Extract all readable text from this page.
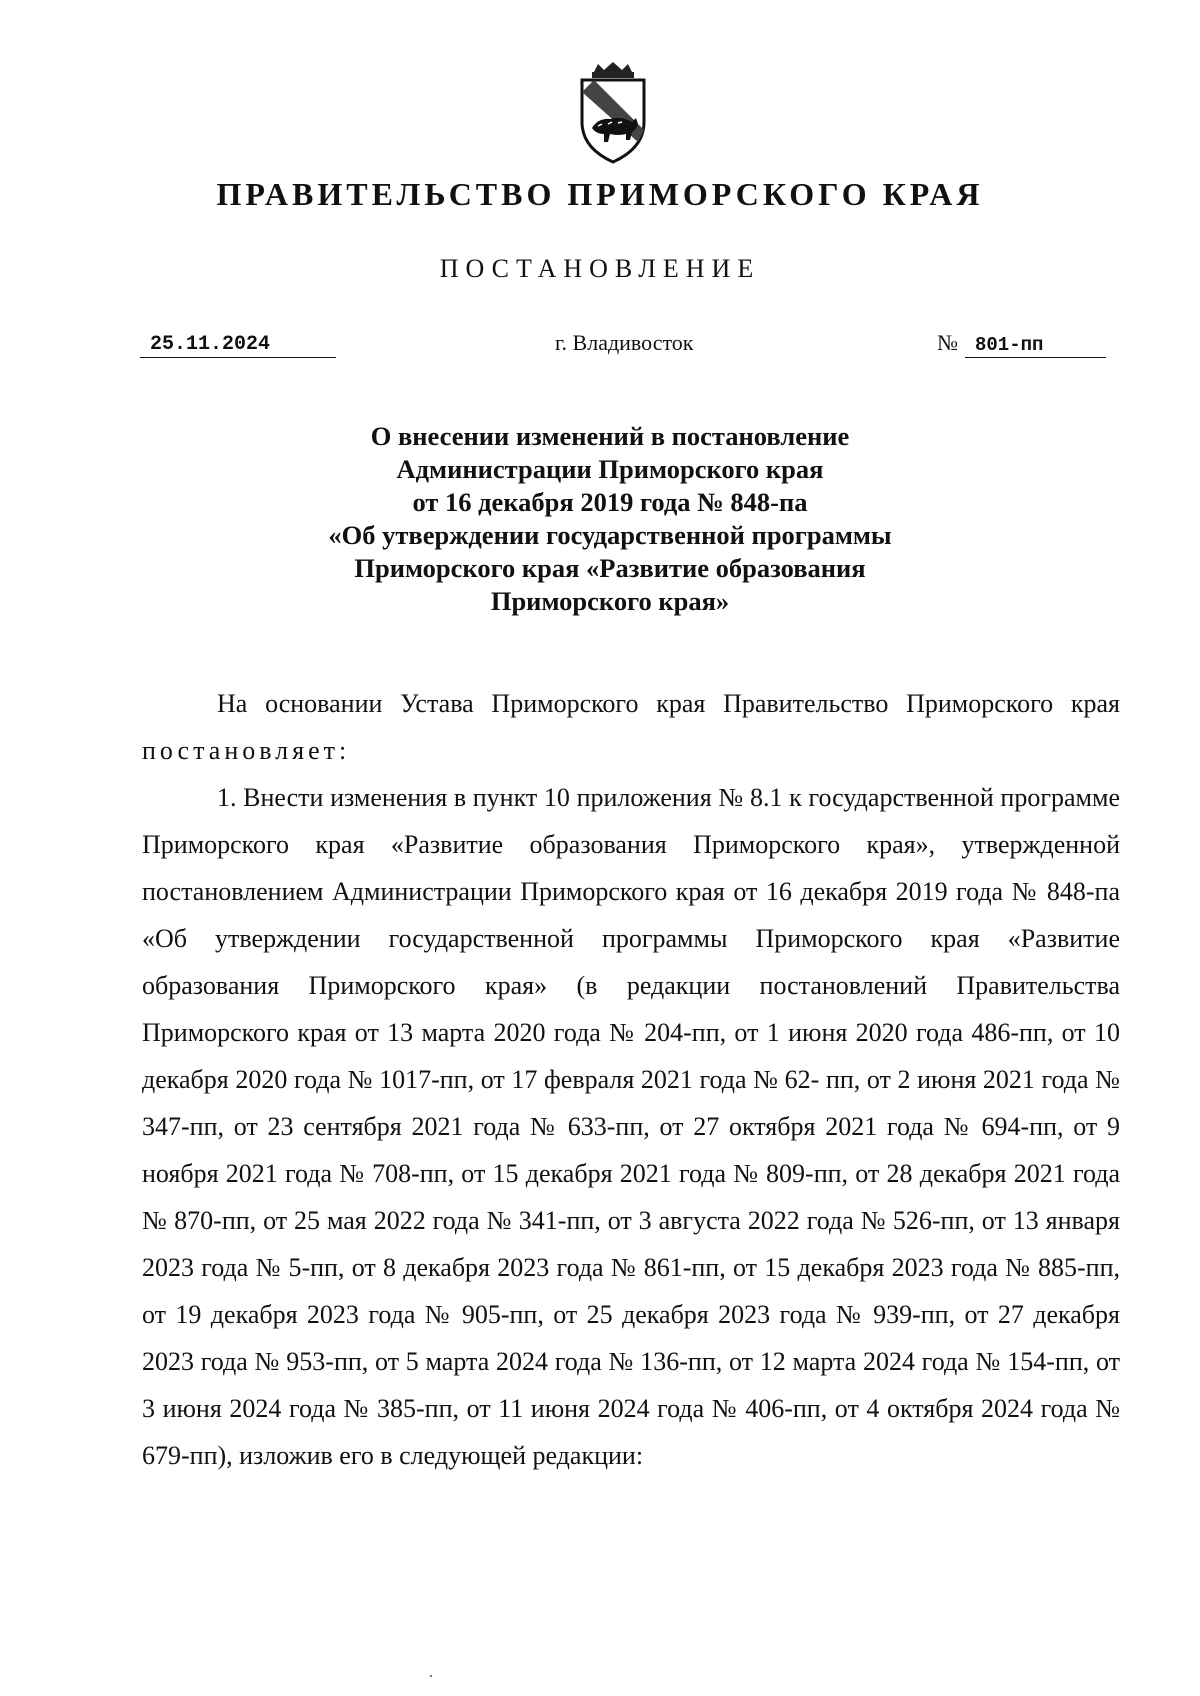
ПРАВИТЕЛЬСТВО ПРИМОРСКОГО КРАЯ
ПОСТАНОВЛЕНИЕ
25.11.2024	г. Владивосток	№ 801-пп
О внесении изменений в постановление
Администрации Приморского края
от 16 декабря 2019 года № 848-па
«Об утверждении государственной программы
Приморского края «Развитие образования
Приморского края»

На основании Устава Приморского края Правительство Приморского края постановляет:

1. Внести изменения в пункт 10 приложения № 8.1 к государственной программе Приморского края «Развитие образования Приморского края», утвержденной постановлением Администрации Приморского края от 16 декабря 2019 года № 848-па «Об утверждении государственной программы Приморского края «Развитие образования Приморского края» (в редакции постановлений Правительства Приморского края от 13 марта 2020 года № 204-пп, от 1 июня 2020 года 486-пп, от 10 декабря 2020 года № 1017-пп, от 17 февраля 2021 года № 62- пп, от 2 июня 2021 года № 347-пп, от 23 сентября 2021 года № 633-пп, от 27 октября 2021 года № 694-пп, от 9 ноября 2021 года № 708-пп, от 15 декабря 2021 года № 809-пп, от 28 декабря 2021 года № 870-пп, от 25 мая 2022 года № 341-пп, от 3 августа 2022 года № 526-пп, от 13 января 2023 года № 5-пп, от 8 декабря 2023 года № 861-пп, от 15 декабря 2023 года № 885-пп, от 19 декабря 2023 года № 905-пп, от 25 декабря 2023 года № 939-пп, от 27 декабря 2023 года № 953-пп, от 5 марта 2024 года № 136-пп, от 12 марта 2024 года № 154-пп, от 3 июня 2024 года № 385-пп, от 11 июня 2024 года № 406-пп, от 4 октября 2024 года № 679-пп), изложив его в следующей редакции:
